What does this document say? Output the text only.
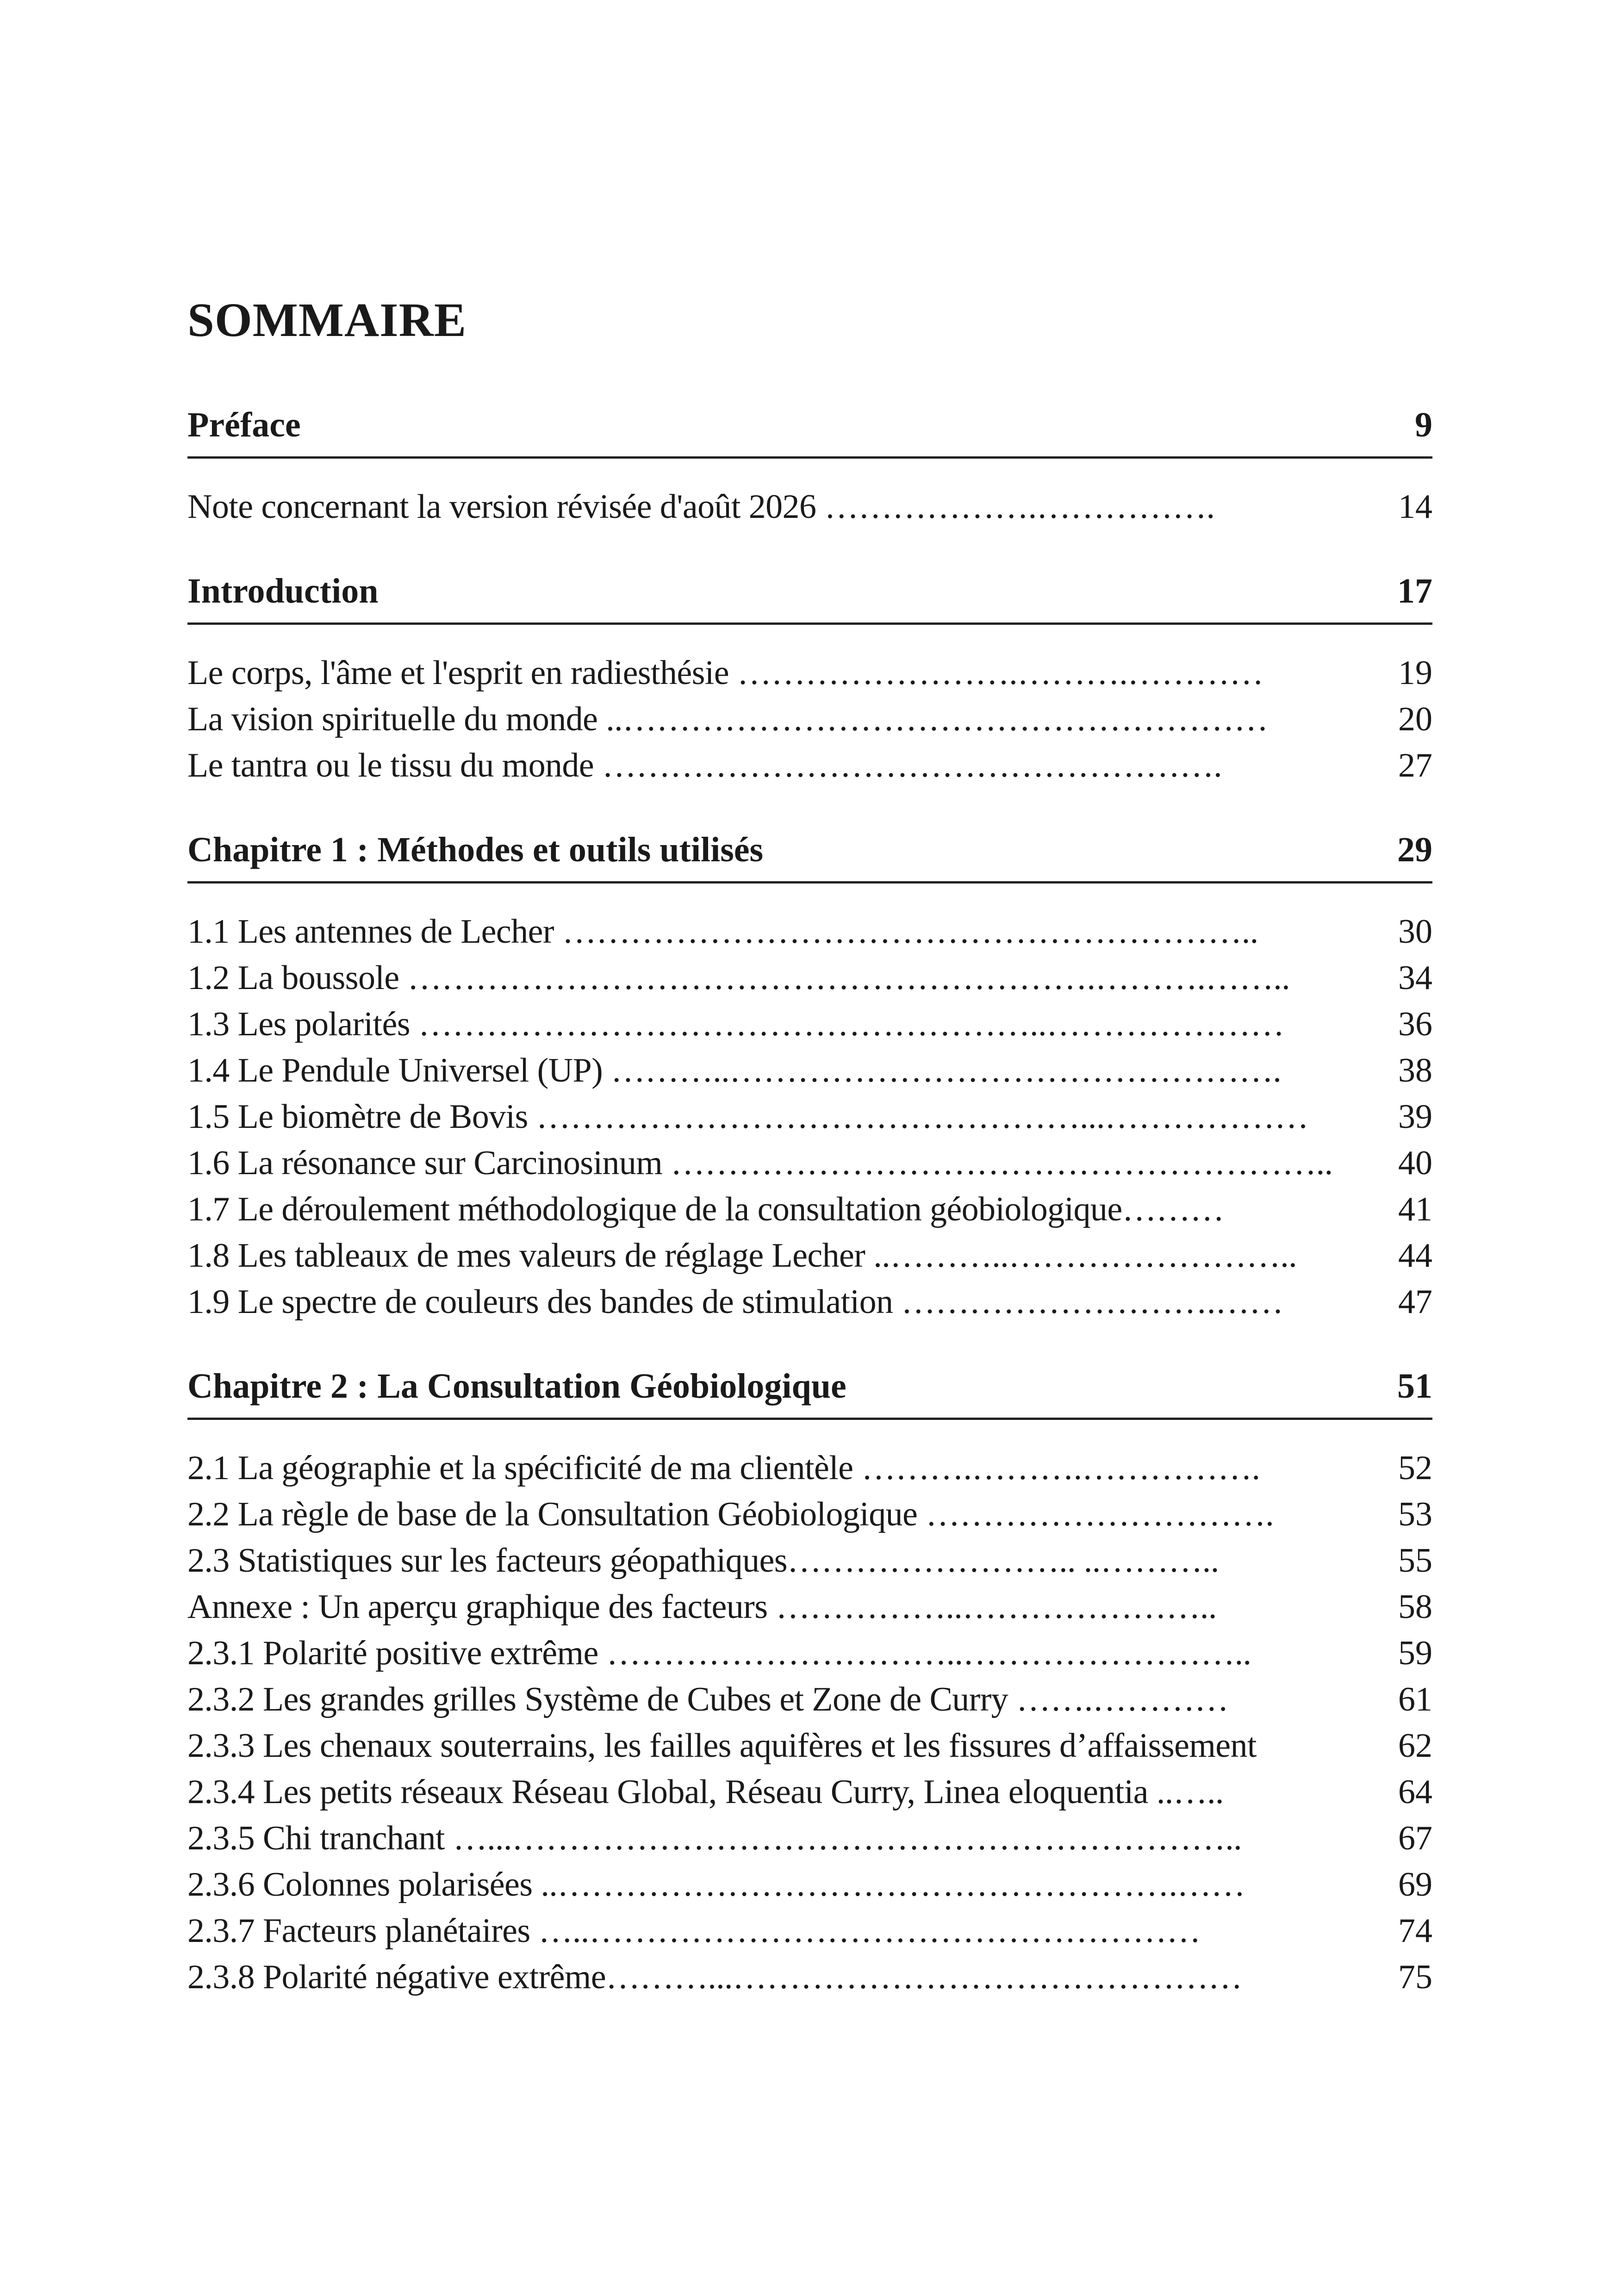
SOMMAIRE
Préface	9
Note concernant la version révisée d'août 2026 ……………….…………….	14
Introduction	17
Le corps, l'âme et l'esprit en radiesthésie …………………….……….…………	19
La vision spirituelle du monde ..…………………………………………………	20
Le tantra ou le tissu du monde ……………………………………………….	27
Chapitre 1 : Méthodes et outils utilisés	29
1.1 Les antennes de Lecher ……………………………………………………..	30
1.2 La boussole …………………………………………………….……….……..	34
1.3 Les polarités ………………………………………………..…………………	36
1.4 Le Pendule Universel (UP) ………..………………………………………….	38
1.5 Le biomètre de Bovis …………………………………………...………………	39
1.6 La résonance sur Carcinosinum …………………………………………………..	40
1.7 Le déroulement méthodologique de la consultation géobiologique………	41
1.8 Les tableaux de mes valeurs de réglage Lecher ..………..……………………..	44
1.9 Le spectre de couleurs des bandes de stimulation ……………………….……	47
Chapitre 2 : La Consultation Géobiologique	51
2.1 La géographie et la spécificité de ma clientèle ……….……….…………….	52
2.2 La règle de base de la Consultation Géobiologique ………………………….	53
2.3 Statistiques sur les facteurs géopathiques…………………….. ..………..	55
Annexe : Un aperçu graphique des facteurs ……………..…………………..	58
2.3.1 Polarité positive extrême …………………………..……………………..	59
2.3.2 Les grandes grilles Système de Cubes et Zone de Curry …….…………	61
2.3.3 Les chenaux souterrains, les failles aquifères et les fissures d’affaissement	62
2.3.4 Les petits réseaux Réseau Global, Réseau Curry, Linea eloquentia ..…..	64
2.3.5 Chi tranchant …...………………………………………………………..	67
2.3.6 Colonnes polarisées ..……………………………………………….……	69
2.3.7 Facteurs planétaires …..………………………………………………	74
2.3.8 Polarité négative extrême………...………………………………………	75
